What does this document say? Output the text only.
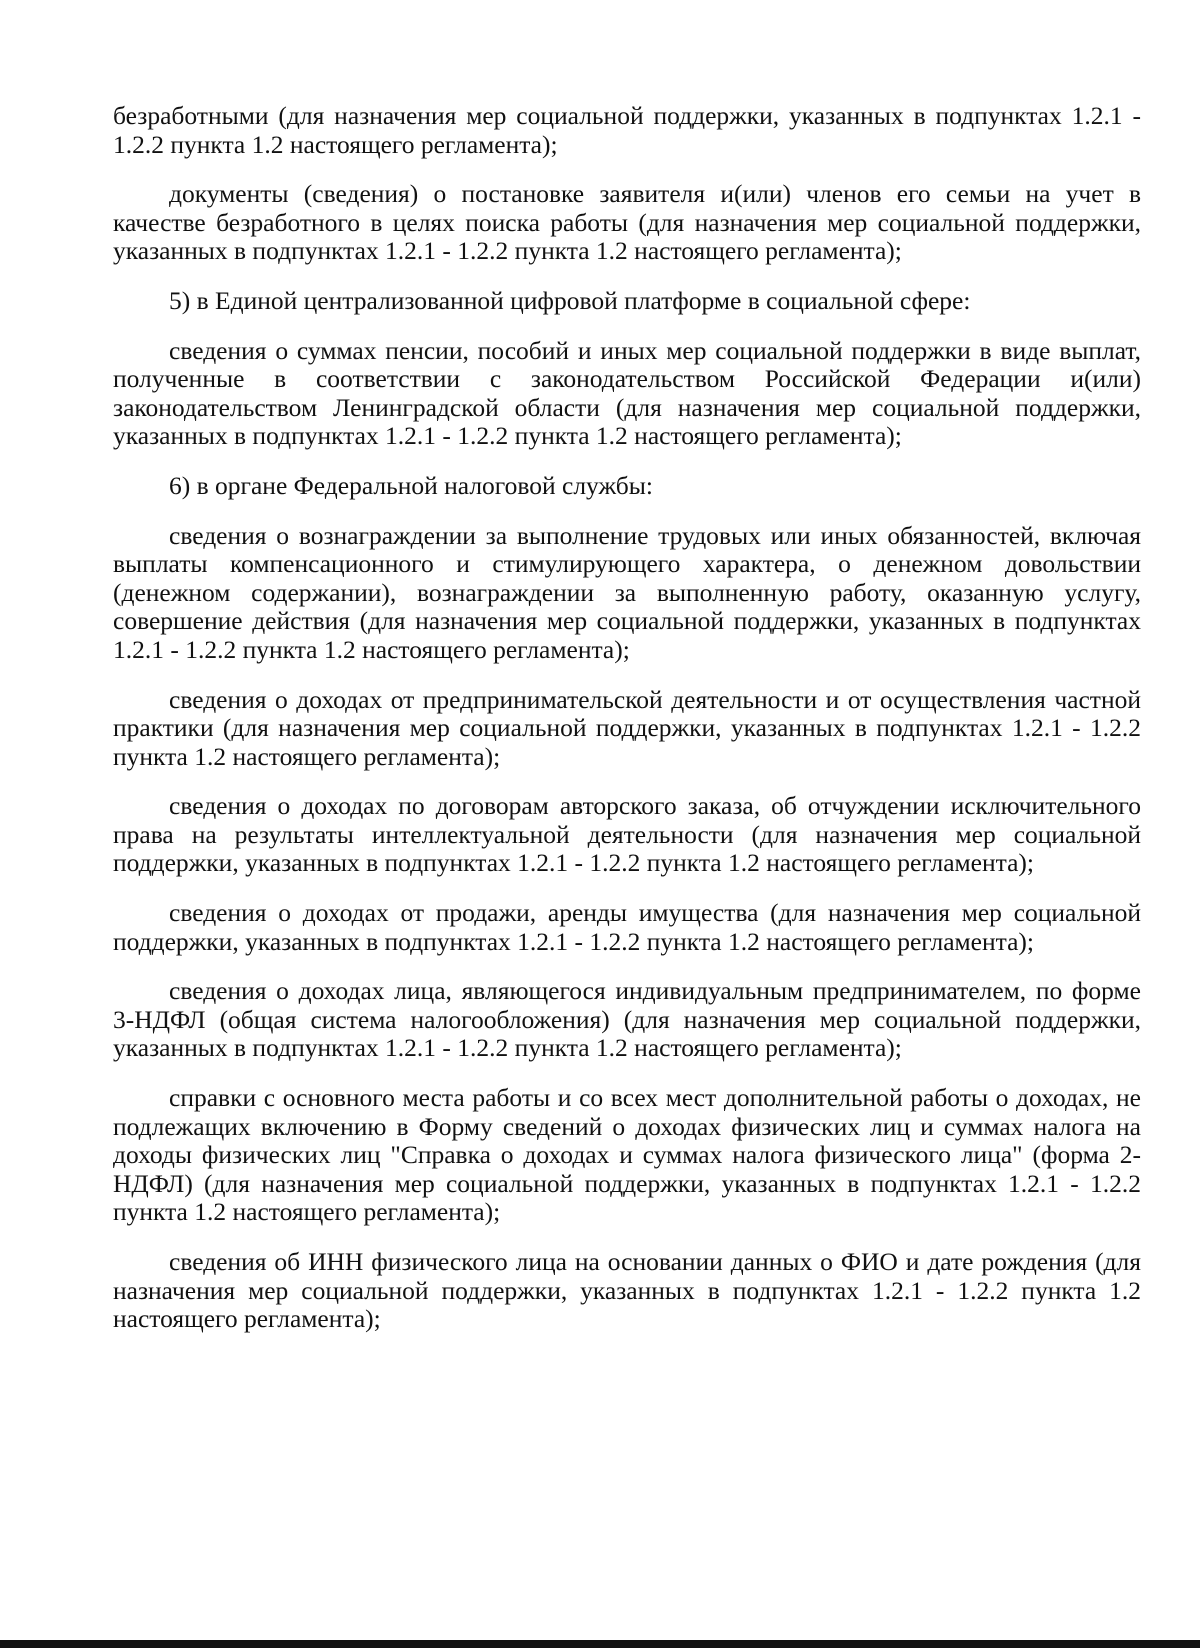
безработными (для назначения мер социальной поддержки, указанных в подпунктах 1.2.1 - 1.2.2 пункта 1.2 настоящего регламента);

документы (сведения) о постановке заявителя и(или) членов его семьи на учет в качестве безработного в целях поиска работы (для назначения мер социальной поддержки, указанных в подпунктах 1.2.1 - 1.2.2 пункта 1.2 настоящего регламента);

5) в Единой централизованной цифровой платформе в социальной сфере:

сведения о суммах пенсии, пособий и иных мер социальной поддержки в виде выплат, полученные в соответствии с законодательством Российской Федерации и(или) законодательством Ленинградской области (для назначения мер социальной поддержки, указанных в подпунктах 1.2.1 - 1.2.2 пункта 1.2 настоящего регламента);

6) в органе Федеральной налоговой службы:

сведения о вознаграждении за выполнение трудовых или иных обязанностей, включая выплаты компенсационного и стимулирующего характера, о денежном довольствии (денежном содержании), вознаграждении за выполненную работу, оказанную услугу, совершение действия (для назначения мер социальной поддержки, указанных в подпунктах 1.2.1 - 1.2.2 пункта 1.2 настоящего регламента);

сведения о доходах от предпринимательской деятельности и от осуществления частной практики (для назначения мер социальной поддержки, указанных в подпунктах 1.2.1 - 1.2.2 пункта 1.2 настоящего регламента);

сведения о доходах по договорам авторского заказа, об отчуждении исключительного права на результаты интеллектуальной деятельности (для назначения мер социальной поддержки, указанных в подпунктах 1.2.1 - 1.2.2 пункта 1.2 настоящего регламента);

сведения о доходах от продажи, аренды имущества (для назначения мер социальной поддержки, указанных в подпунктах 1.2.1 - 1.2.2 пункта 1.2 настоящего регламента);

сведения о доходах лица, являющегося индивидуальным предпринимателем, по форме 3-НДФЛ (общая система налогообложения) (для назначения мер социальной поддержки, указанных в подпунктах 1.2.1 - 1.2.2 пункта 1.2 настоящего регламента);

справки с основного места работы и со всех мест дополнительной работы о доходах, не подлежащих включению в Форму сведений о доходах физических лиц и суммах налога на доходы физических лиц "Справка о доходах и суммах налога физического лица" (форма 2-НДФЛ) (для назначения мер социальной поддержки, указанных в подпунктах 1.2.1 - 1.2.2 пункта 1.2 настоящего регламента);

сведения об ИНН физического лица на основании данных о ФИО и дате рождения (для назначения мер социальной поддержки, указанных в подпунктах 1.2.1 - 1.2.2 пункта 1.2 настоящего регламента);
